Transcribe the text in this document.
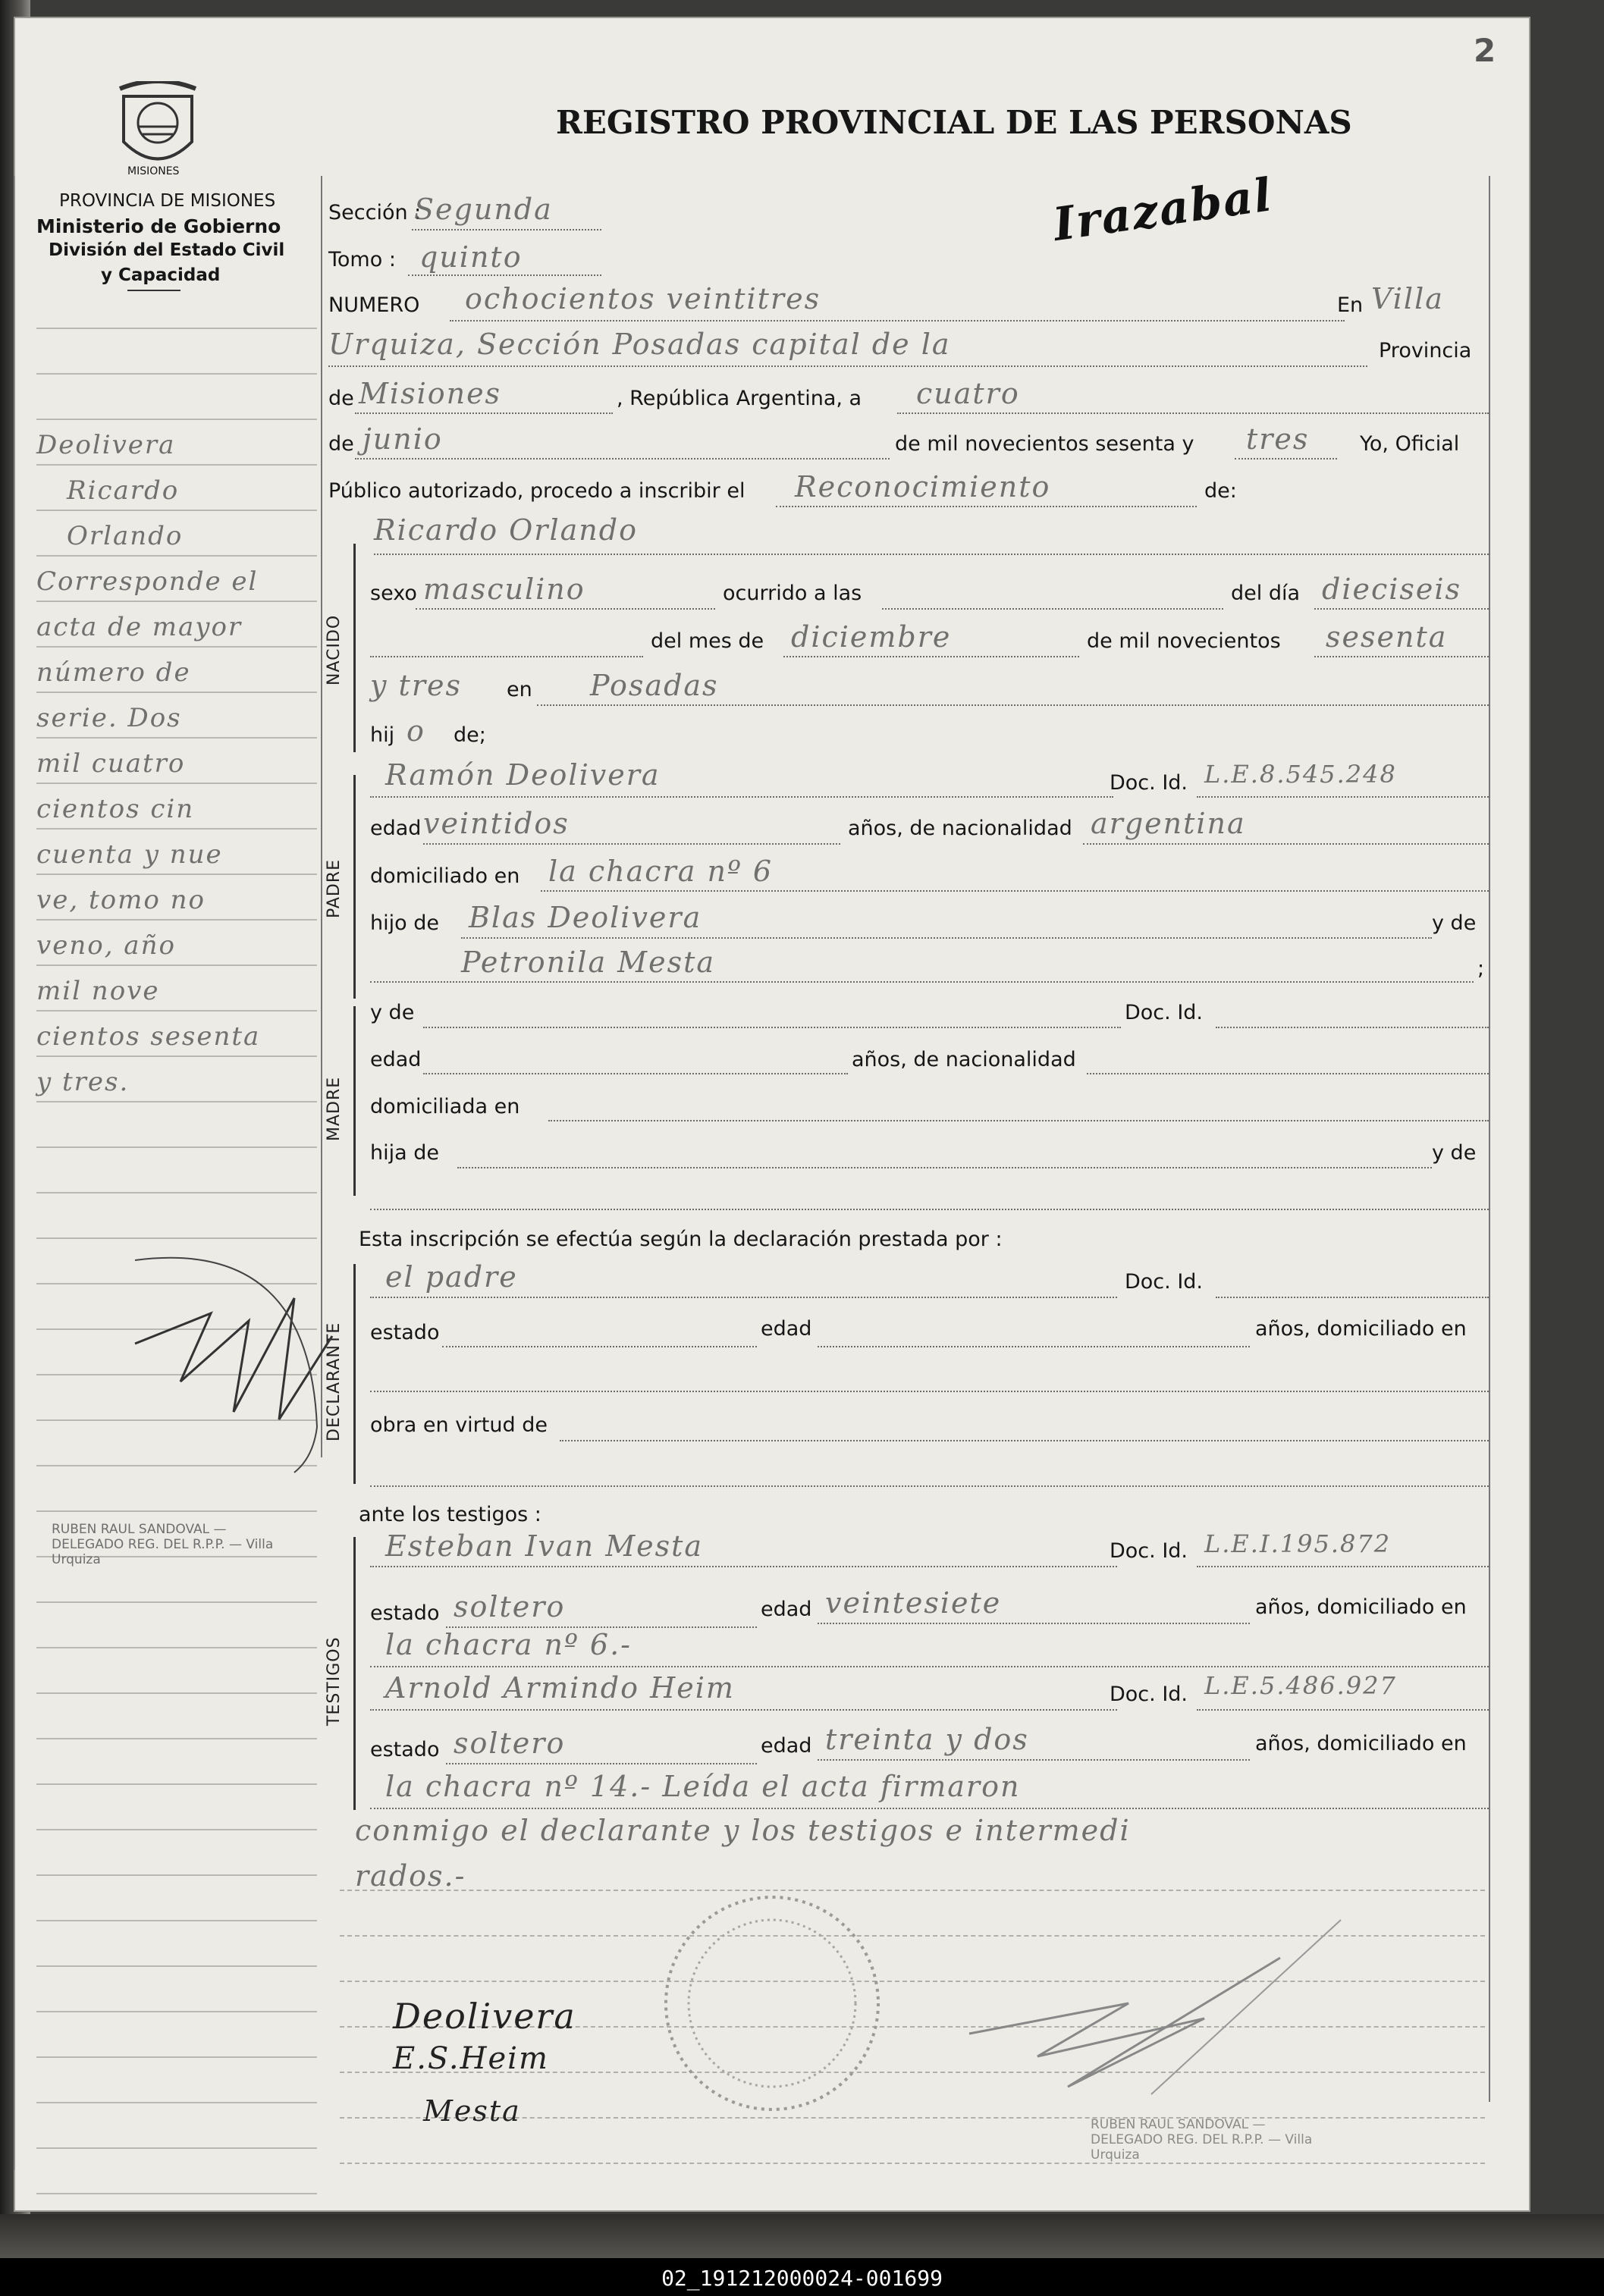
MISIONES
PROVINCIA DE MISIONES
Ministerio de Gobierno
División del Estado Civil
y Capacidad
REGISTRO PROVINCIAL DE LAS PERSONAS
2
Sección :
Segunda
Tomo : quinto
Irazabal
NUMERO ochocientos veintitres	En Villa
Urquiza, Sección Posadas capital de la	Provincia
de Misiones	, República Argentina, a cuatro
de junio	de mil novecientos sesenta y tres Yo, Oficial
Público autorizado, procedo a inscribir el Reconocimiento	de:
Ricardo Orlando
NACIDO
sexo masculino	ocurrido a las	del día dieciseis
del mes de diciembre	de mil novecientos sesenta
y tres en Posadas
hij o de;
PADRE
Ramón Deolivera	Doc. Id. L.E.8.545.248
edad veintidos	años, de nacionalidad argentina
domiciliado en la chacra nº 6
hijo de Blas Deolivera	y de
Petronila Mesta	;
MADRE
y de	Doc. Id.
edad	años, de nacionalidad
domiciliada en
hija de	y de
Esta inscripción se efectúa según la declaración prestada por :
DECLARANTE
el padre	Doc. Id.
estado	edad	años, domiciliado en
obra en virtud de
ante los testigos :
TESTIGOS
Esteban Ivan Mesta	Doc. Id. L.E.I.195.872
estado soltero	edad veintesiete	años, domiciliado en
la chacra nº 6.-
Arnold Armindo Heim	Doc. Id. L.E.5.486.927
estado soltero	edad treinta y dos	años, domiciliado en
la chacra nº 14.- Leída el acta firmaron
conmigo el declarante y los testigos e intermedi
rados.-
Deolivera
Ricardo
Orlando
Corresponde el
acta de mayor
número de
serie. Dos
mil cuatro
cientos cin
cuenta y nue
ve, tomo no
veno, año
mil nove
cientos sesenta
y tres.
Deolivera
E.S.Heim
Mesta
RUBEN RAUL SANDOVAL — DELEGADO REG. DEL R.P.P. — Villa Urquiza
RUBEN RAUL SANDOVAL — DELEGADO REG. DEL R.P.P. — Villa Urquiza
02_191212000024-001699
